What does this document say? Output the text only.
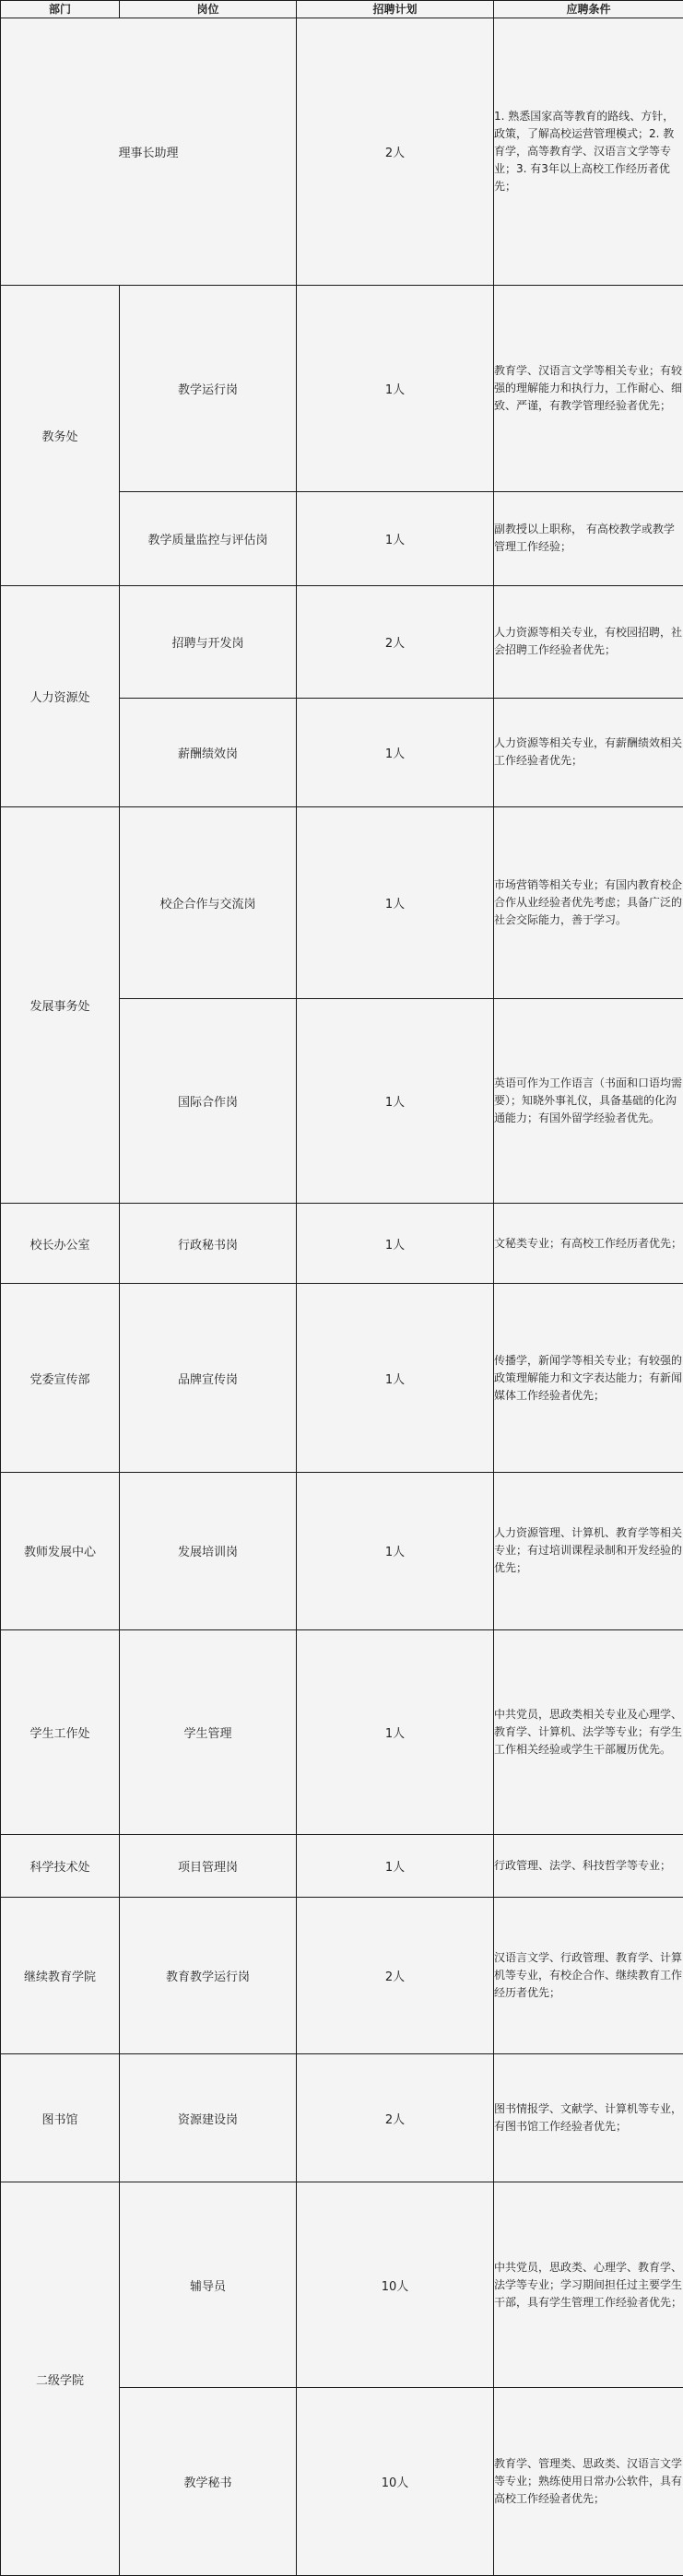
部门	岗位	招聘计划	应聘条件
理事长助理		2人	1. 熟悉国家高等教育的路线、方针，政策，了解高校运营管理模式；2. 教育学，高等教育学、汉语言文学等专业；3. 有3年以上高校工作经历者优先；
教务处	教学运行岗	1人	教育学、汉语言文学等相关专业；有较强的理解能力和执行力，工作耐心、细致、严谨，有教学管理经验者优先；
	教学质量监控与评估岗	1人	副教授以上职称， 有高校教学或教学管理工作经验；
人力资源处	招聘与开发岗	2人	人力资源等相关专业，有校园招聘，社会招聘工作经验者优先；
	薪酬绩效岗	1人	人力资源等相关专业，有薪酬绩效相关工作经验者优先；
发展事务处	校企合作与交流岗	1人	市场营销等相关专业；有国内教育校企合作从业经验者优先考虑；具备广泛的社会交际能力，善于学习。
	国际合作岗	1人	英语可作为工作语言（书面和口语均需要）；知晓外事礼仪，具备基础的化沟通能力；有国外留学经验者优先。
校长办公室	行政秘书岗	1人	文秘类专业；有高校工作经历者优先；
党委宣传部	品牌宣传岗	1人	传播学，新闻学等相关专业；有较强的政策理解能力和文字表达能力；有新闻媒体工作经验者优先；
教师发展中心	发展培训岗	1人	人力资源管理、计算机、教育学等相关专业；有过培训课程录制和开发经验的优先；
学生工作处	学生管理	1人	中共党员，思政类相关专业及心理学、教育学、计算机、法学等专业；有学生工作相关经验或学生干部履历优先。
科学技术处	项目管理岗	1人	行政管理、法学、科技哲学等专业；
继续教育学院	教育教学运行岗	2人	汉语言文学、行政管理、教育学、计算机等专业，有校企合作、继续教育工作经历者优先；
图书馆	资源建设岗	2人	图书情报学、文献学、计算机等专业，有图书馆工作经验者优先；
二级学院	辅导员	10人	中共党员，思政类、心理学、教育学、法学等专业；学习期间担任过主要学生干部，具有学生管理工作经验者优先；
	教学秘书	10人	教育学、管理类、思政类、汉语言文学等专业；熟练使用日常办公软件，具有高校工作经验者优先；
